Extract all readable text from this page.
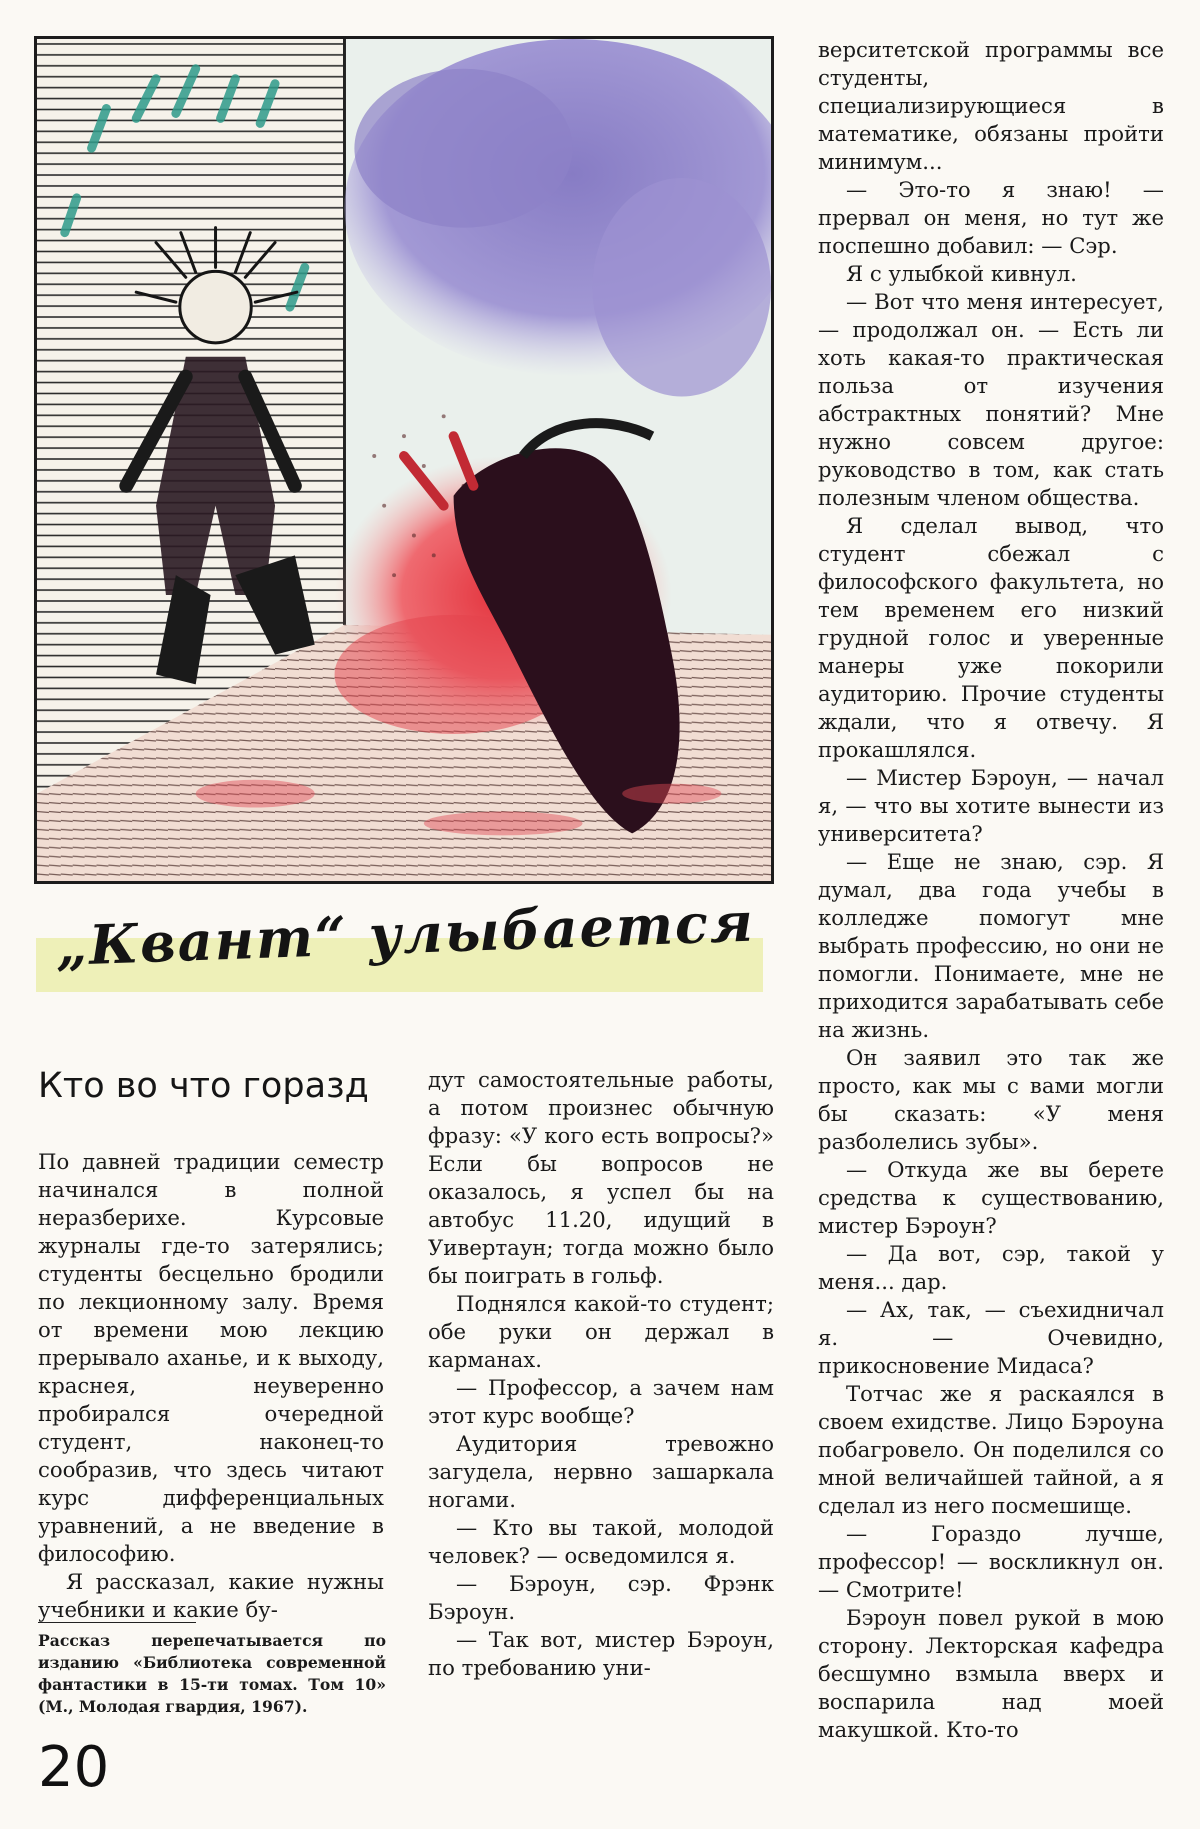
„Квант“ улыбается
Кто во что горазд

По давней традиции семестр начинался в полной неразберихе. Курсовые журналы где-то затерялись; студенты бесцельно бродили по лекционному залу. Время от времени мою лекцию прерывало аханье, и к выходу, краснея, неуверенно пробирался очередной студент, наконец-то сообразив, что здесь читают курс дифференциальных уравнений, а не введение в философию.

Я рассказал, какие нужны учебники и какие бу-

Рассказ перепечатывается по изданию «Библиотека современной фантастики в 15-ти томах. Том 10» (М., Молодая гвардия, 1967).

дут самостоятельные работы, а потом произнес обычную фразу: «У кого есть вопросы?» Если бы вопросов не оказалось, я успел бы на автобус 11.20, идущий в Уивертаун; тогда можно было бы поиграть в гольф.

Поднялся какой-то студент; обе руки он держал в карманах.

— Профессор, а зачем нам этот курс вообще?

Аудитория тревожно загудела, нервно зашаркала ногами.

— Кто вы такой, молодой человек? — осведомился я.

— Бэроун, сэр. Фрэнк Бэроун.

— Так вот, мистер Бэроун, по требованию уни-

верситетской программы все студенты, специализирующиеся в математике, обязаны пройти минимум...

— Это-то я знаю! — прервал он меня, но тут же поспешно добавил: — Сэр.

Я с улыбкой кивнул.

— Вот что меня интересует, — продолжал он. — Есть ли хоть какая-то практическая польза от изучения абстрактных понятий? Мне нужно совсем другое: руководство в том, как стать полезным членом общества.

Я сделал вывод, что студент сбежал с философского факультета, но тем временем его низкий грудной голос и уверенные манеры уже покорили аудиторию. Прочие студенты ждали, что я отвечу. Я прокашлялся.

— Мистер Бэроун, — начал я, — что вы хотите вынести из университета?

— Еще не знаю, сэр. Я думал, два года учебы в колледже помогут мне выбрать профессию, но они не помогли. Понимаете, мне не приходится зарабатывать себе на жизнь.

Он заявил это так же просто, как мы с вами могли бы сказать: «У меня разболелись зубы».

— Откуда же вы берете средства к существованию, мистер Бэроун?

— Да вот, сэр, такой у меня... дар.

— Ах, так, — съехидничал я. — Очевидно, прикосновение Мидаса?

Тотчас же я раскаялся в своем ехидстве. Лицо Бэроуна побагровело. Он поделился со мной величайшей тайной, а я сделал из него посмешище.

— Гораздо лучше, профессор! — воскликнул он. — Смотрите!

Бэроун повел рукой в мою сторону. Лекторская кафедра бесшумно взмыла вверх и воспарила над моей макушкой. Кто-то

20
